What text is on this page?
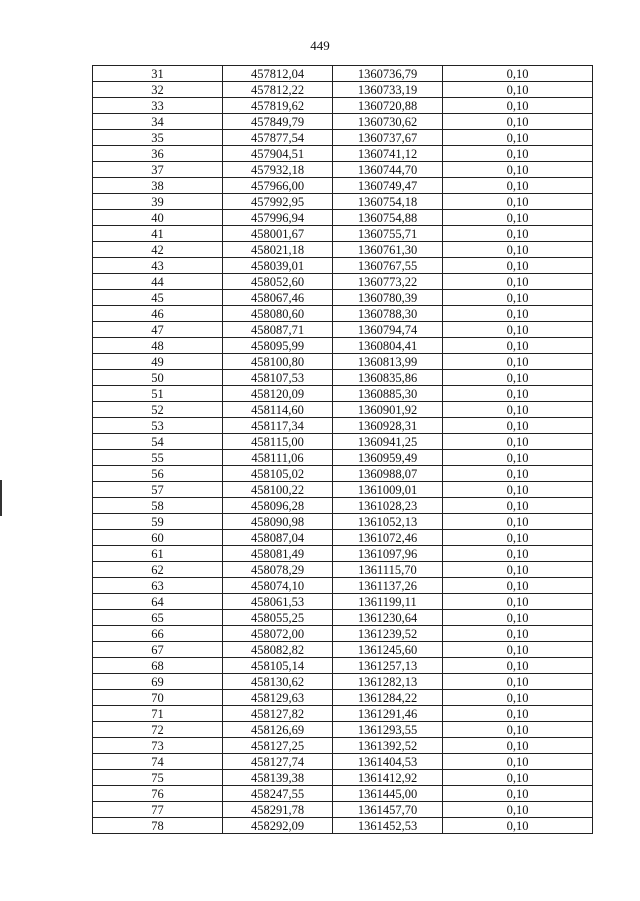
449
31	457812,04	1360736,79	0,10
32	457812,22	1360733,19	0,10
33	457819,62	1360720,88	0,10
34	457849,79	1360730,62	0,10
35	457877,54	1360737,67	0,10
36	457904,51	1360741,12	0,10
37	457932,18	1360744,70	0,10
38	457966,00	1360749,47	0,10
39	457992,95	1360754,18	0,10
40	457996,94	1360754,88	0,10
41	458001,67	1360755,71	0,10
42	458021,18	1360761,30	0,10
43	458039,01	1360767,55	0,10
44	458052,60	1360773,22	0,10
45	458067,46	1360780,39	0,10
46	458080,60	1360788,30	0,10
47	458087,71	1360794,74	0,10
48	458095,99	1360804,41	0,10
49	458100,80	1360813,99	0,10
50	458107,53	1360835,86	0,10
51	458120,09	1360885,30	0,10
52	458114,60	1360901,92	0,10
53	458117,34	1360928,31	0,10
54	458115,00	1360941,25	0,10
55	458111,06	1360959,49	0,10
56	458105,02	1360988,07	0,10
57	458100,22	1361009,01	0,10
58	458096,28	1361028,23	0,10
59	458090,98	1361052,13	0,10
60	458087,04	1361072,46	0,10
61	458081,49	1361097,96	0,10
62	458078,29	1361115,70	0,10
63	458074,10	1361137,26	0,10
64	458061,53	1361199,11	0,10
65	458055,25	1361230,64	0,10
66	458072,00	1361239,52	0,10
67	458082,82	1361245,60	0,10
68	458105,14	1361257,13	0,10
69	458130,62	1361282,13	0,10
70	458129,63	1361284,22	0,10
71	458127,82	1361291,46	0,10
72	458126,69	1361293,55	0,10
73	458127,25	1361392,52	0,10
74	458127,74	1361404,53	0,10
75	458139,38	1361412,92	0,10
76	458247,55	1361445,00	0,10
77	458291,78	1361457,70	0,10
78	458292,09	1361452,53	0,10
